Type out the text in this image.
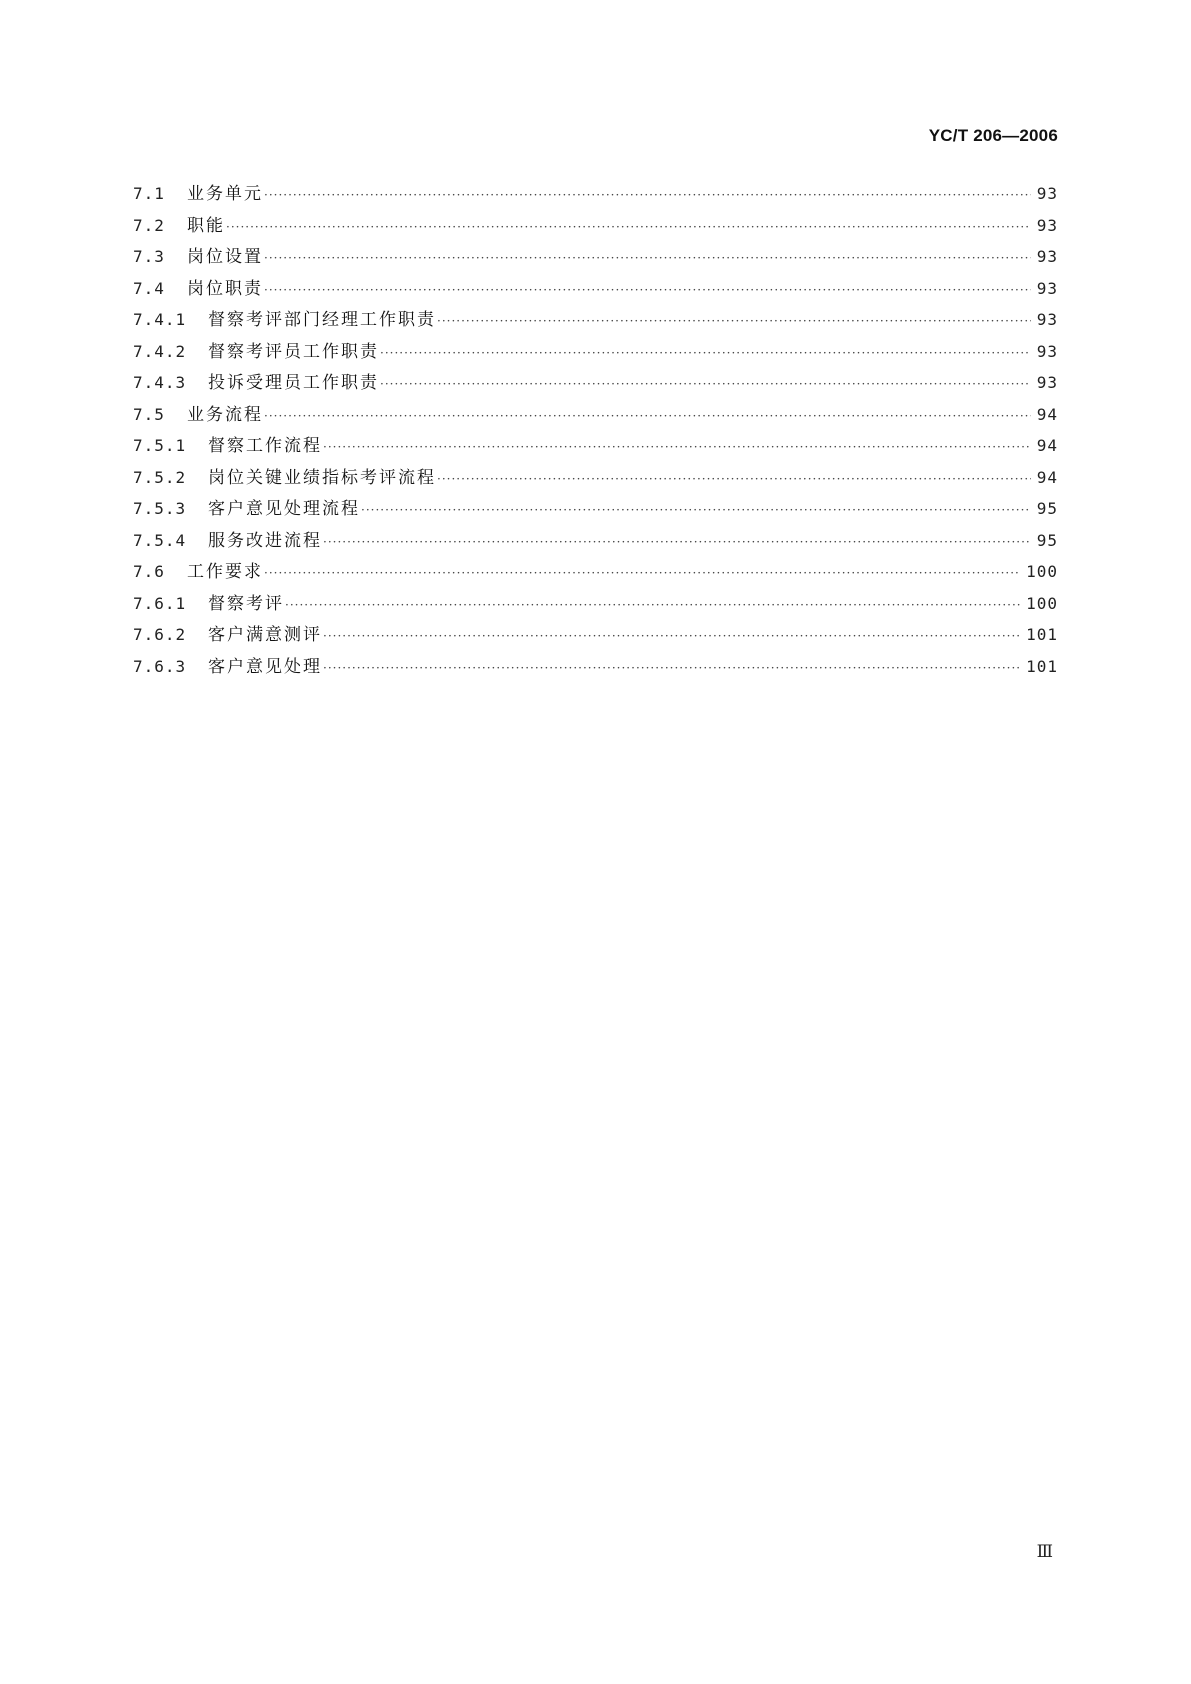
YC/T 206—2006
7.1	业务单元 ·····	93
7.2	职能 ·····	93
7.3	岗位设置 ·····	93
7.4	岗位职责 ·····	93
7.4.1	督察考评部门经理工作职责 ·····	93
7.4.2	督察考评员工作职责 ·····	93
7.4.3	投诉受理员工作职责 ·····	93
7.5	业务流程 ·····	94
7.5.1	督察工作流程 ·····	94
7.5.2	岗位关键业绩指标考评流程 ·····	94
7.5.3	客户意见处理流程 ·····	95
7.5.4	服务改进流程 ·····	95
7.6	工作要求 ·····	100
7.6.1	督察考评 ·····	100
7.6.2	客户满意测评 ·····	101
7.6.3	客户意见处理 ·····	101
Ⅲ
